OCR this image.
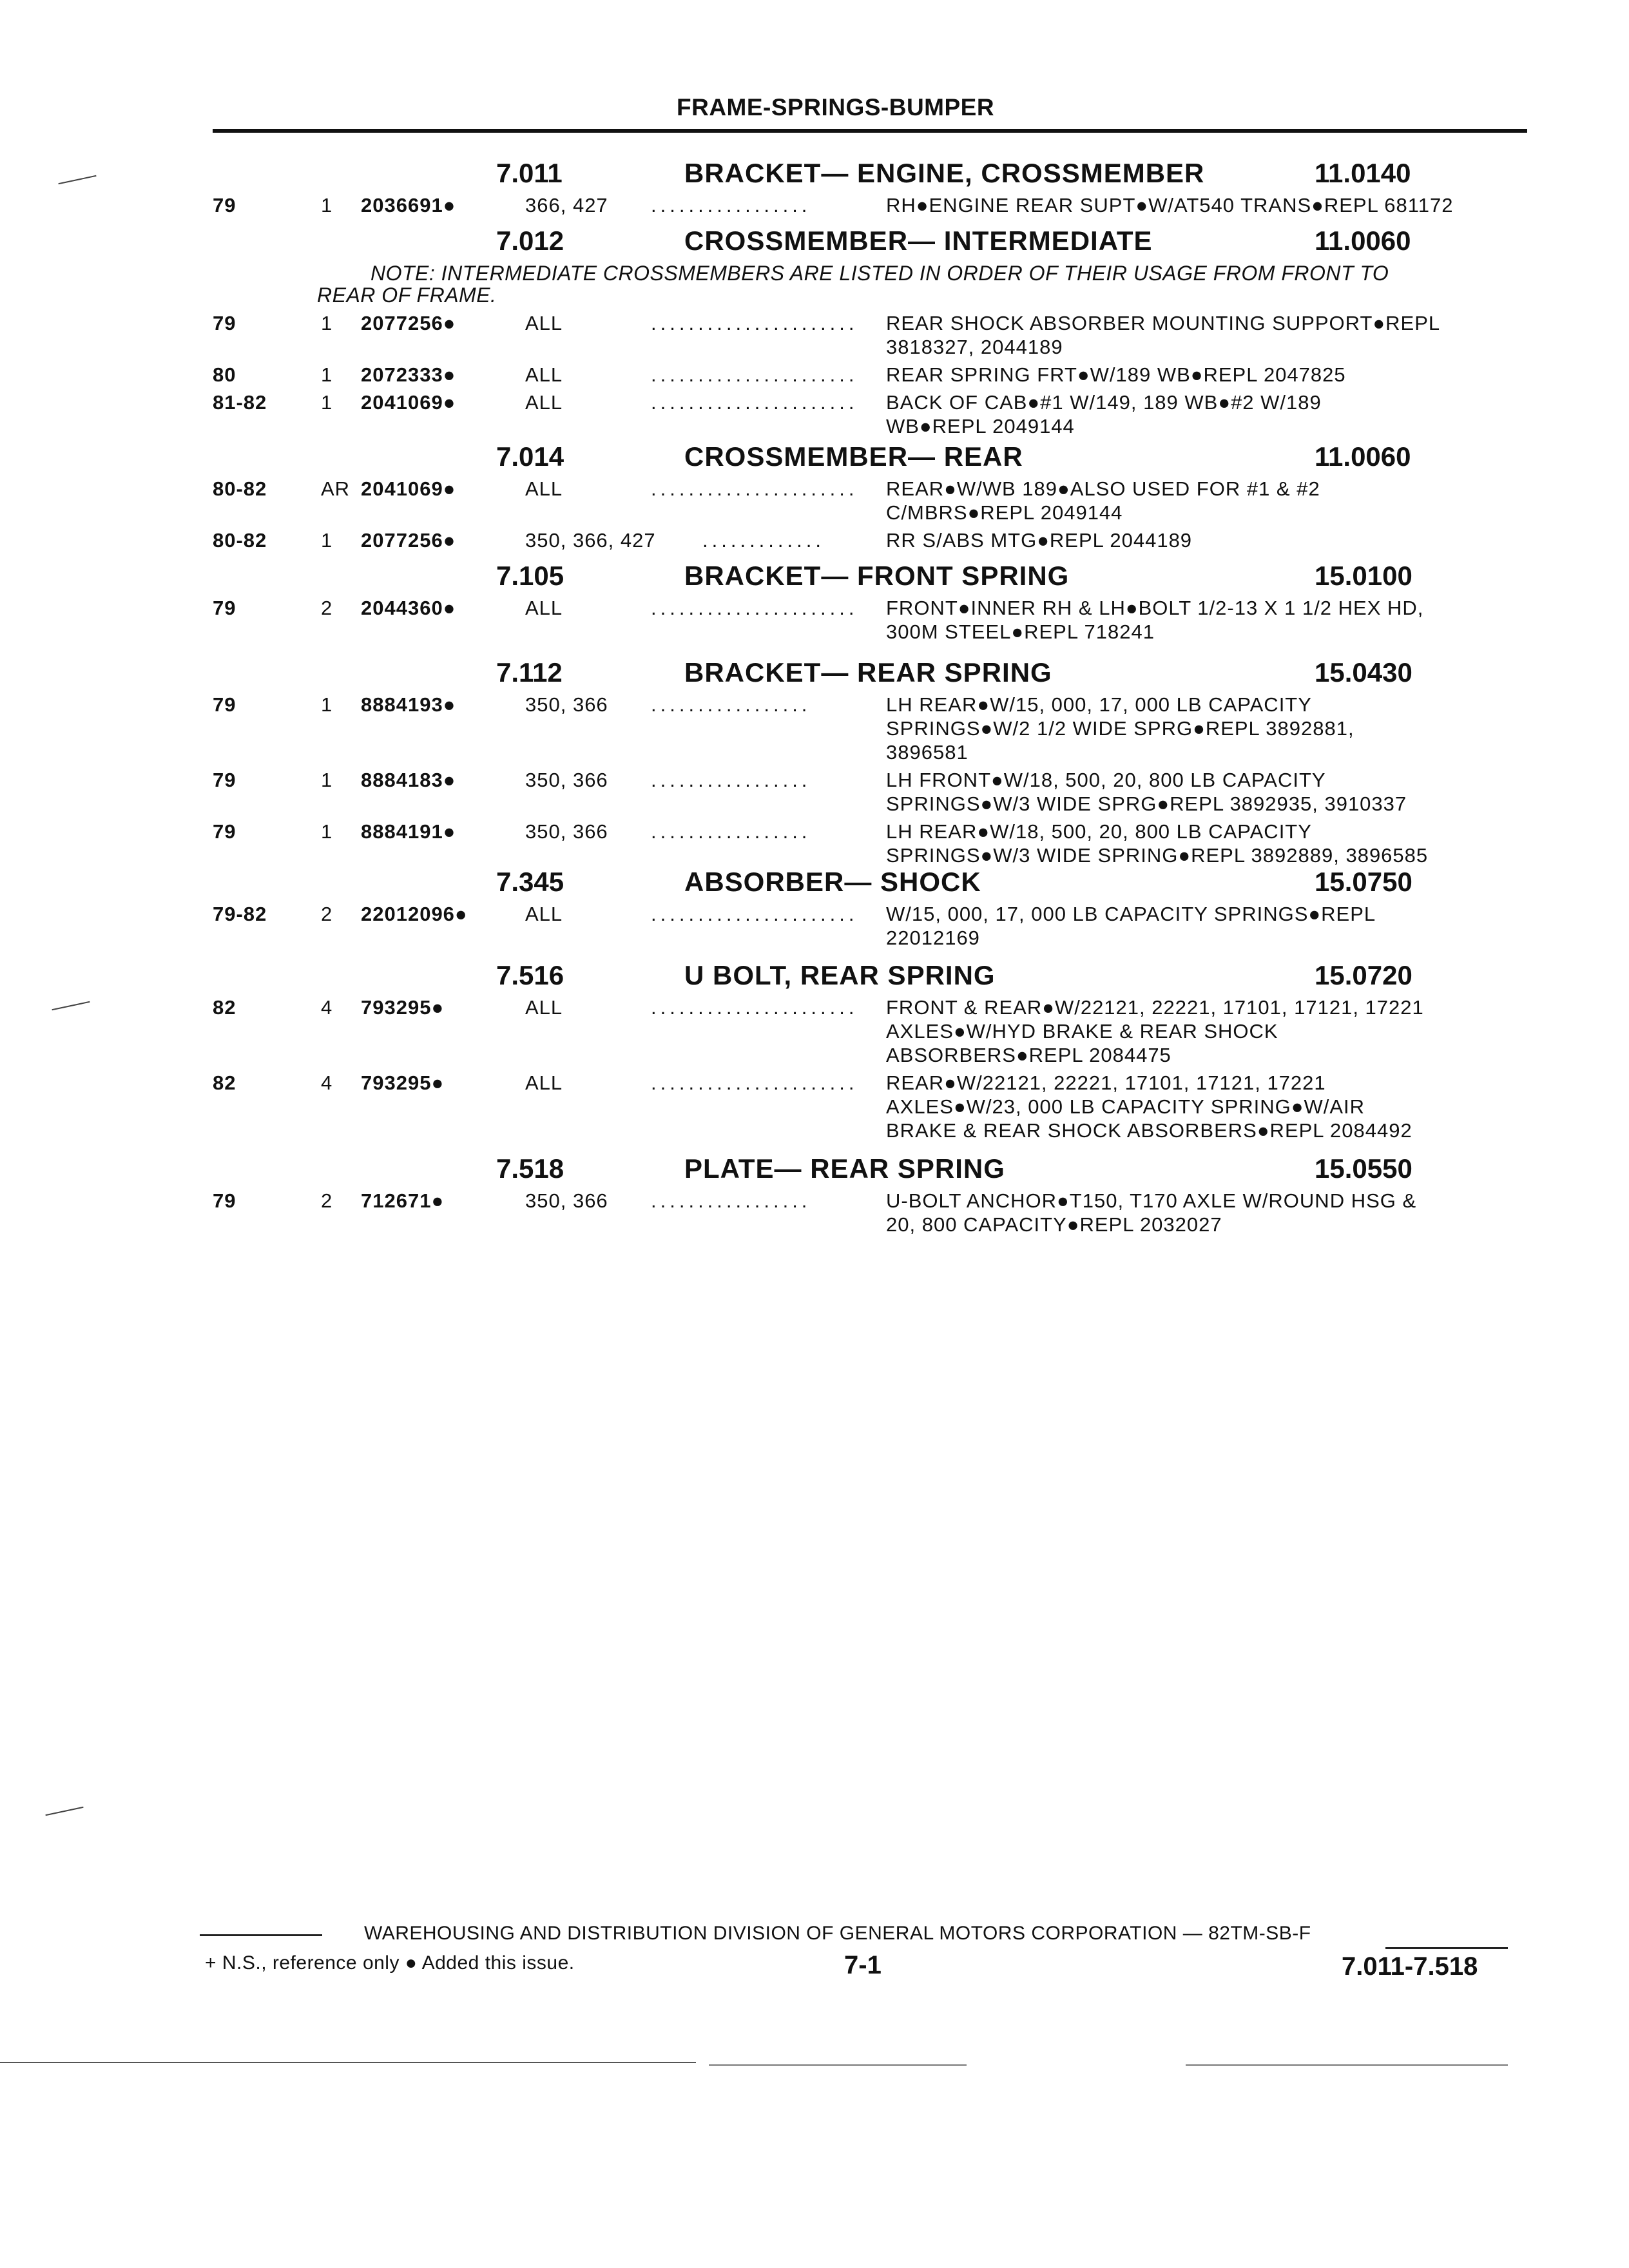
FRAME-SPRINGS-BUMPER
7.011	BRACKET— ENGINE, CROSSMEMBER	11.0140
79	1 2036691●	366, 427 .................	RH●ENGINE REAR SUPT●W/AT540 TRANS●REPL 681172
7.012	CROSSMEMBER— INTERMEDIATE	11.0060
NOTE: INTERMEDIATE CROSSMEMBERS ARE LISTED IN ORDER OF THEIR USAGE FROM FRONT TO
REAR OF FRAME.
79	1 2077256●	ALL	...................... REAR SHOCK ABSORBER MOUNTING SUPPORT●REPL
3818327, 2044189
80	1 2072333●	ALL	...................... REAR SPRING FRT●W/189 WB●REPL 2047825
81-82	1 2041069●	ALL	...................... BACK OF CAB●#1 W/149, 189 WB●#2 W/189
WB●REPL 2049144
7.014	CROSSMEMBER— REAR	11.0060
80-82	AR 2041069●	ALL	...................... REAR●W/WB 189●ALSO USED FOR #1 & #2
C/MBRS●REPL 2049144
80-82	1 2077256●	350, 366, 427 .............	RR S/ABS MTG●REPL 2044189
7.105	BRACKET— FRONT SPRING	15.0100
79	2 2044360●	ALL	...................... FRONT●INNER RH & LH●BOLT 1/2-13 X 1 1/2 HEX HD,
300M STEEL●REPL 718241
7.112	BRACKET— REAR SPRING	15.0430
79	1 8884193●	350, 366 .................	LH REAR●W/15, 000, 17, 000 LB CAPACITY
SPRINGS●W/2 1/2 WIDE SPRG●REPL 3892881,
3896581
79	1 8884183●	350, 366 .................	LH FRONT●W/18, 500, 20, 800 LB CAPACITY
SPRINGS●W/3 WIDE SPRG●REPL 3892935, 3910337
79	1 8884191●	350, 366 .................	LH REAR●W/18, 500, 20, 800 LB CAPACITY
SPRINGS●W/3 WIDE SPRING●REPL 3892889, 3896585
7.345	ABSORBER— SHOCK	15.0750
79-82	2 22012096●	ALL	...................... W/15, 000, 17, 000 LB CAPACITY SPRINGS●REPL
22012169
7.516	U BOLT, REAR SPRING	15.0720
82	4 793295●	ALL	...................... FRONT & REAR●W/22121, 22221, 17101, 17121, 17221
AXLES●W/HYD BRAKE & REAR SHOCK
ABSORBERS●REPL 2084475
82	4 793295●	ALL	...................... REAR●W/22121, 22221, 17101, 17121, 17221
AXLES●W/23, 000 LB CAPACITY SPRING●W/AIR
BRAKE & REAR SHOCK ABSORBERS●REPL 2084492
7.518	PLATE— REAR SPRING	15.0550
79	2 712671●	350, 366 .................	U-BOLT ANCHOR●T150, T170 AXLE W/ROUND HSG &
20, 800 CAPACITY●REPL 2032027
WAREHOUSING AND DISTRIBUTION DIVISION OF GENERAL MOTORS CORPORATION — 82TM-SB-F
+ N.S., reference only ● Added this issue.	7-1	7.011-7.518
